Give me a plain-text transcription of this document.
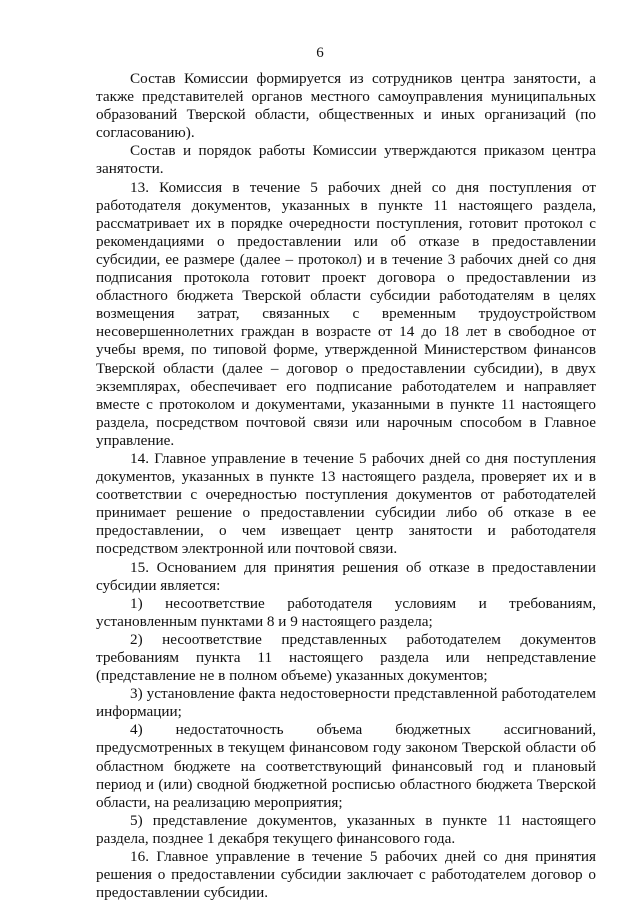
6

Состав Комиссии формируется из сотрудников центра занятости, а также представителей органов местного самоуправления муниципальных образований Тверской области, общественных и иных организаций (по согласованию).

Состав и порядок работы Комиссии утверждаются приказом центра занятости.

13. Комиссия в течение 5 рабочих дней со дня поступления от работодателя документов, указанных в пункте 11 настоящего раздела, рассматривает их в порядке очередности поступления, готовит протокол с рекомендациями о предоставлении или об отказе в предоставлении субсидии, ее размере (далее – протокол) и в течение 3 рабочих дней со дня подписания протокола готовит проект договора о предоставлении из областного бюджета Тверской области субсидии работодателям в целях возмещения затрат, связанных с временным трудоустройством несовершеннолетних граждан в возрасте от 14 до 18 лет в свободное от учебы время, по типовой форме, утвержденной Министерством финансов Тверской области (далее – договор о предоставлении субсидии), в двух экземплярах, обеспечивает его подписание работодателем и направляет вместе с протоколом и документами, указанными в пункте 11 настоящего раздела, посредством почтовой связи или нарочным способом в Главное управление.

14. Главное управление в течение 5 рабочих дней со дня поступления документов, указанных в пункте 13 настоящего раздела, проверяет их и в соответствии с очередностью поступления документов от работодателей принимает решение о предоставлении субсидии либо об отказе в ее предоставлении, о чем извещает центр занятости и работодателя посредством электронной или почтовой связи.

15. Основанием для принятия решения об отказе в предоставлении субсидии является:

1) несоответствие работодателя условиям и требованиям, установленным пунктами 8 и 9 настоящего раздела;

2) несоответствие представленных работодателем документов требованиям пункта 11 настоящего раздела или непредставление (представление не в полном объеме) указанных документов;

3) установление факта недостоверности представленной работодателем информации;

4) недостаточность объема бюджетных ассигнований, предусмотренных в текущем финансовом году законом Тверской области об областном бюджете на соответствующий финансовый год и плановый период и (или) сводной бюджетной росписью областного бюджета Тверской области, на реализацию мероприятия;

5) представление документов, указанных в пункте 11 настоящего раздела, позднее 1 декабря текущего финансового года.

16. Главное управление в течение 5 рабочих дней со дня принятия решения о предоставлении субсидии заключает с работодателем договор о предоставлении субсидии.
